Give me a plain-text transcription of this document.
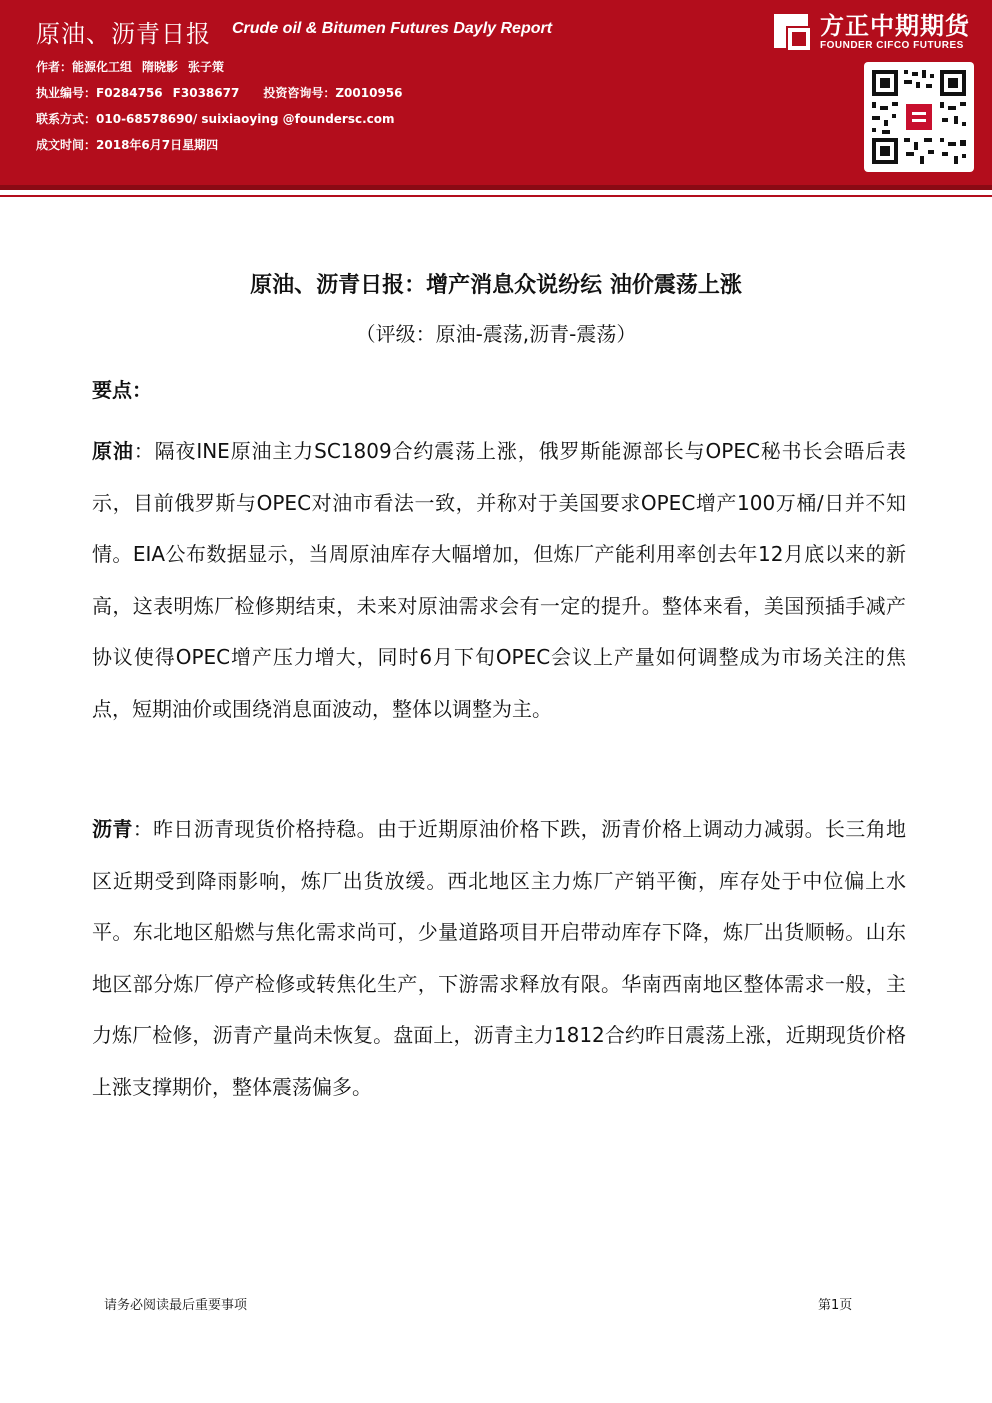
原油、沥青日报 Crude oil & Bitumen Futures Dayly Report
作者：能源化工组 隋晓影 张子策
执业编号：F0284756 F3038677 投资咨询号：Z0010956
联系方式：010-68578690/ suixiaoying @foundersc.com
成文时间：2018年6月7日星期四
方正中期期货
FOUNDER CIFCO FUTURES
原油、沥青日报：增产消息众说纷纭 油价震荡上涨
（评级：原油-震荡,沥青-震荡）
要点：
原油：隔夜INE原油主力SC1809合约震荡上涨，俄罗斯能源部长与OPEC秘书长会晤后表示，目前俄罗斯与OPEC对油市看法一致，并称对于美国要求OPEC增产100万桶/日并不知情。EIA公布数据显示，当周原油库存大幅增加，但炼厂产能利用率创去年12月底以来的新高，这表明炼厂检修期结束，未来对原油需求会有一定的提升。整体来看，美国预插手减产协议使得OPEC增产压力增大，同时6月下旬OPEC会议上产量如何调整成为市场关注的焦点，短期油价或围绕消息面波动，整体以调整为主。
沥青：昨日沥青现货价格持稳。由于近期原油价格下跌，沥青价格上调动力减弱。长三角地区近期受到降雨影响，炼厂出货放缓。西北地区主力炼厂产销平衡，库存处于中位偏上水平。东北地区船燃与焦化需求尚可，少量道路项目开启带动库存下降，炼厂出货顺畅。山东地区部分炼厂停产检修或转焦化生产，下游需求释放有限。华南西南地区整体需求一般，主力炼厂检修，沥青产量尚未恢复。盘面上，沥青主力1812合约昨日震荡上涨，近期现货价格上涨支撑期价，整体震荡偏多。
请务必阅读最后重要事项	第1页
